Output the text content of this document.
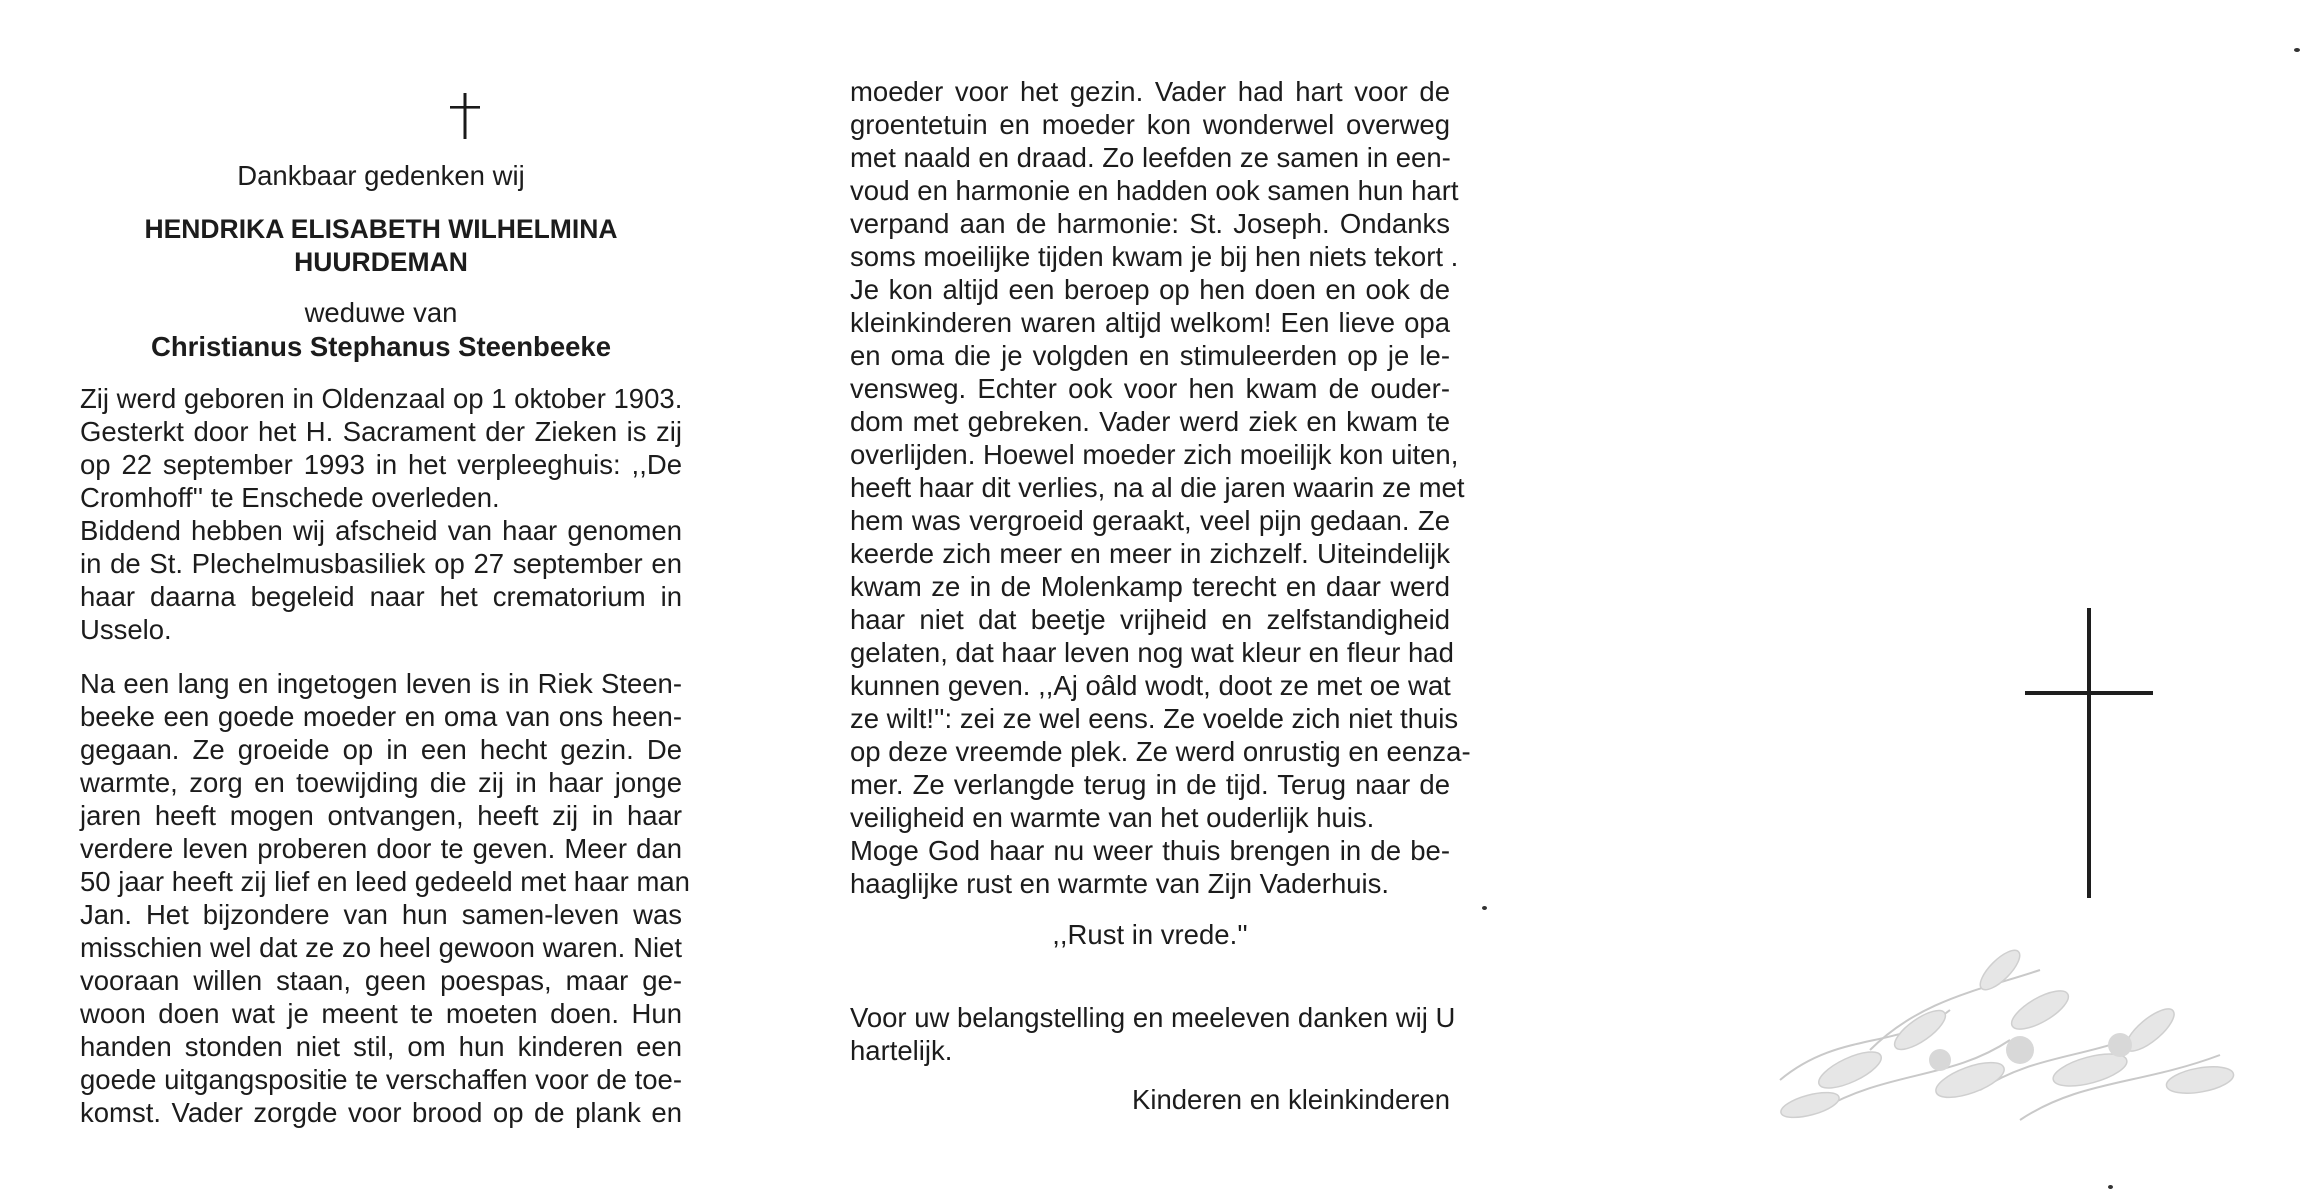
Dankbaar gedenken wij
HENDRIKA ELISABETH WILHELMINA
HUURDEMAN
weduwe van
Christianus Stephanus Steenbeeke
Zij werd geboren in Oldenzaal op 1 oktober 1903.
Gesterkt door het H. Sacrament der Zieken is zij
op 22 september 1993 in het verpleeghuis: ,,De
Cromhoff'' te Enschede overleden.
Biddend hebben wij afscheid van haar genomen
in de St. Plechelmusbasiliek op 27 september en
haar daarna begeleid naar het crematorium in
Usselo.
Na een lang en ingetogen leven is in Riek Steen-
beeke een goede moeder en oma van ons heen-
gegaan. Ze groeide op in een hecht gezin. De
warmte, zorg en toewijding die zij in haar jonge
jaren heeft mogen ontvangen, heeft zij in haar
verdere leven proberen door te geven. Meer dan
50 jaar heeft zij lief en leed gedeeld met haar man
Jan. Het bijzondere van hun samen-leven was
misschien wel dat ze zo heel gewoon waren. Niet
vooraan willen staan, geen poespas, maar ge-
woon doen wat je meent te moeten doen. Hun
handen stonden niet stil, om hun kinderen een
goede uitgangspositie te verschaffen voor de toe-
komst. Vader zorgde voor brood op de plank en
moeder voor het gezin. Vader had hart voor de
groentetuin en moeder kon wonderwel overweg
met naald en draad. Zo leefden ze samen in een-
voud en harmonie en hadden ook samen hun hart
verpand aan de harmonie: St. Joseph. Ondanks
soms moeilijke tijden kwam je bij hen niets tekort .
Je kon altijd een beroep op hen doen en ook de
kleinkinderen waren altijd welkom! Een lieve opa
en oma die je volgden en stimuleerden op je le-
vensweg. Echter ook voor hen kwam de ouder-
dom met gebreken. Vader werd ziek en kwam te
overlijden. Hoewel moeder zich moeilijk kon uiten,
heeft haar dit verlies, na al die jaren waarin ze met
hem was vergroeid geraakt, veel pijn gedaan. Ze
keerde zich meer en meer in zichzelf. Uiteindelijk
kwam ze in de Molenkamp terecht en daar werd
haar niet dat beetje vrijheid en zelfstandigheid
gelaten, dat haar leven nog wat kleur en fleur had
kunnen geven. ,,Aj oâld wodt, doot ze met oe wat
ze wilt!'': zei ze wel eens. Ze voelde zich niet thuis
op deze vreemde plek. Ze werd onrustig en eenza-
mer. Ze verlangde terug in de tijd. Terug naar de
veiligheid en warmte van het ouderlijk huis.
Moge God haar nu weer thuis brengen in de be-
haaglijke rust en warmte van Zijn Vaderhuis.
,,Rust in vrede.''
Voor uw belangstelling en meeleven danken wij U
hartelijk.
Kinderen en kleinkinderen
